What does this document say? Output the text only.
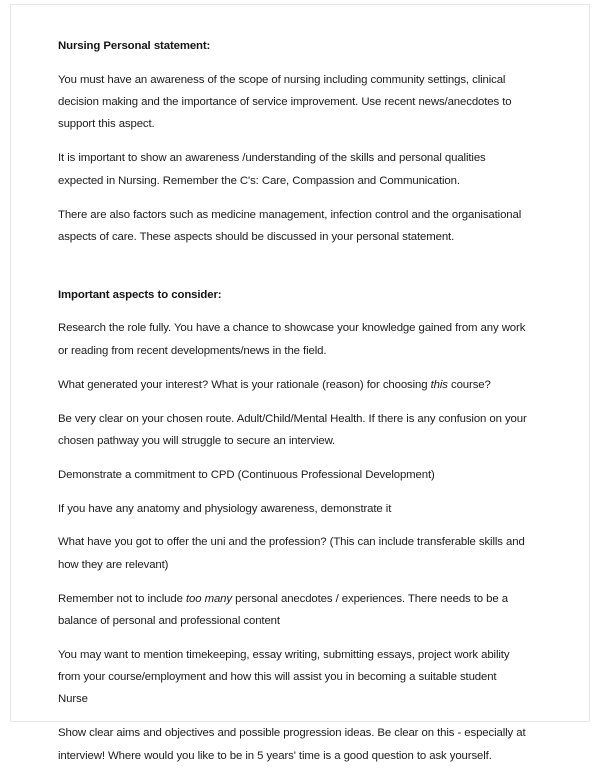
Nursing Personal statement:

You must have an awareness of the scope of nursing including community settings, clinical decision making and the importance of service improvement. Use recent news/anecdotes to support this aspect.

It is important to show an awareness /understanding of the skills and personal qualities expected in Nursing. Remember the C's: Care, Compassion and Communication.

There are also factors such as medicine management, infection control and the organisational aspects of care. These aspects should be discussed in your personal statement.

Important aspects to consider:

Research the role fully. You have a chance to showcase your knowledge gained from any work or reading from recent developments/news in the field.

What generated your interest? What is your rationale (reason) for choosing this course?

Be very clear on your chosen route. Adult/Child/Mental Health. If there is any confusion on your chosen pathway you will struggle to secure an interview.

Demonstrate a commitment to CPD (Continuous Professional Development)

If you have any anatomy and physiology awareness, demonstrate it

What have you got to offer the uni and the profession? (This can include transferable skills and how they are relevant)

Remember not to include too many personal anecdotes / experiences. There needs to be a balance of personal and professional content

You may want to mention timekeeping, essay writing, submitting essays, project work ability from your course/employment and how this will assist you in becoming a suitable student Nurse

Show clear aims and objectives and possible progression ideas. Be clear on this - especially at interview! Where would you like to be in 5 years' time is a good question to ask yourself.
